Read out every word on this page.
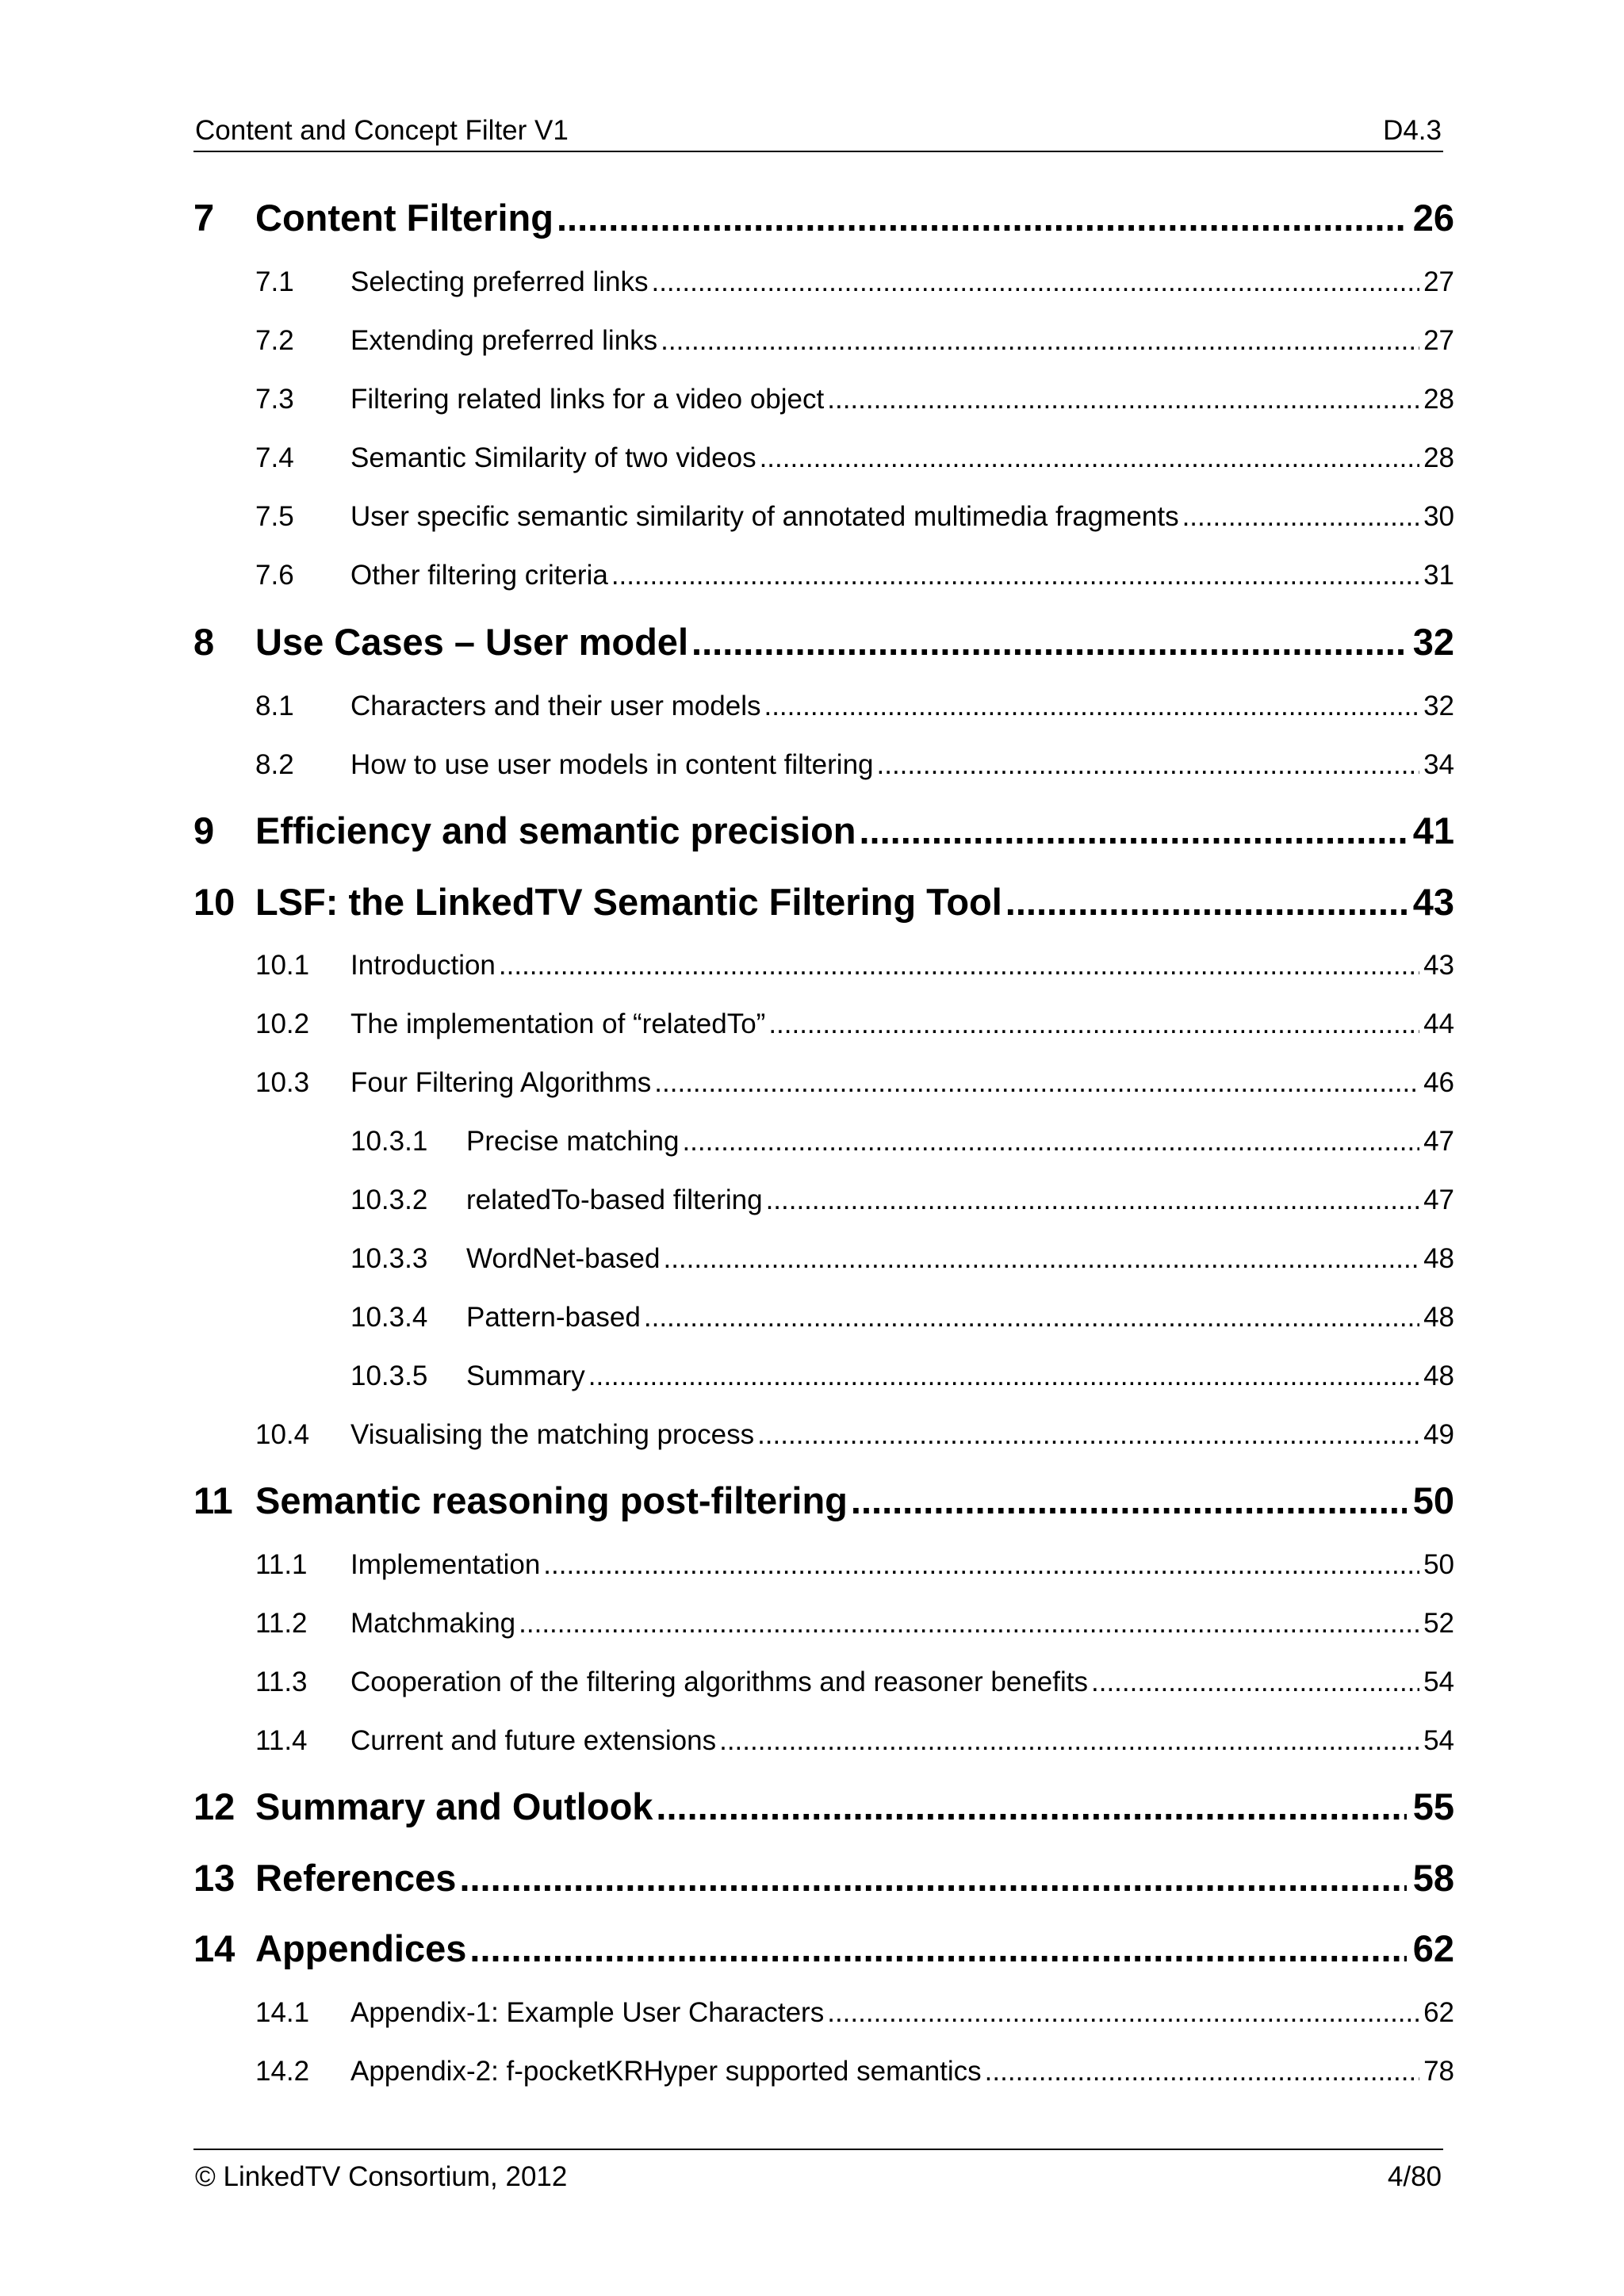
Content and Concept Filter V1	D4.3
7	Content Filtering .....	26
7.1	Selecting preferred links .....	27
7.2	Extending preferred links .....	27
7.3	Filtering related links for a video object .....	28
7.4	Semantic Similarity of two videos .....	28
7.5	User specific semantic similarity of annotated multimedia fragments .....	30
7.6	Other filtering criteria .....	31
8	Use Cases – User model .....	32
8.1	Characters and their user models .....	32
8.2	How to use user models in content filtering .....	34
9	Efficiency and semantic precision .....	41
10 LSF: the LinkedTV Semantic Filtering Tool .....	43
10.1	Introduction .....	43
10.2	The implementation of “relatedTo” .....	44
10.3	Four Filtering Algorithms .....	46
10.3.1	Precise matching .....	47
10.3.2	relatedTo-based filtering .....	47
10.3.3	WordNet-based .....	48
10.3.4	Pattern-based .....	48
10.3.5	Summary .....	48
10.4	Visualising the matching process .....	49
11 Semantic reasoning post-filtering .....	50
11.1	Implementation .....	50
11.2	Matchmaking .....	52
11.3	Cooperation of the filtering algorithms and reasoner benefits .....	54
11.4	Current and future extensions .....	54
12 Summary and Outlook .....	55
13 References .....	58
14 Appendices .....	62
14.1	Appendix-1: Example User Characters .....	62
14.2	Appendix-2: f-pocketKRHyper supported semantics .....	78
© LinkedTV Consortium, 2012	4/80
